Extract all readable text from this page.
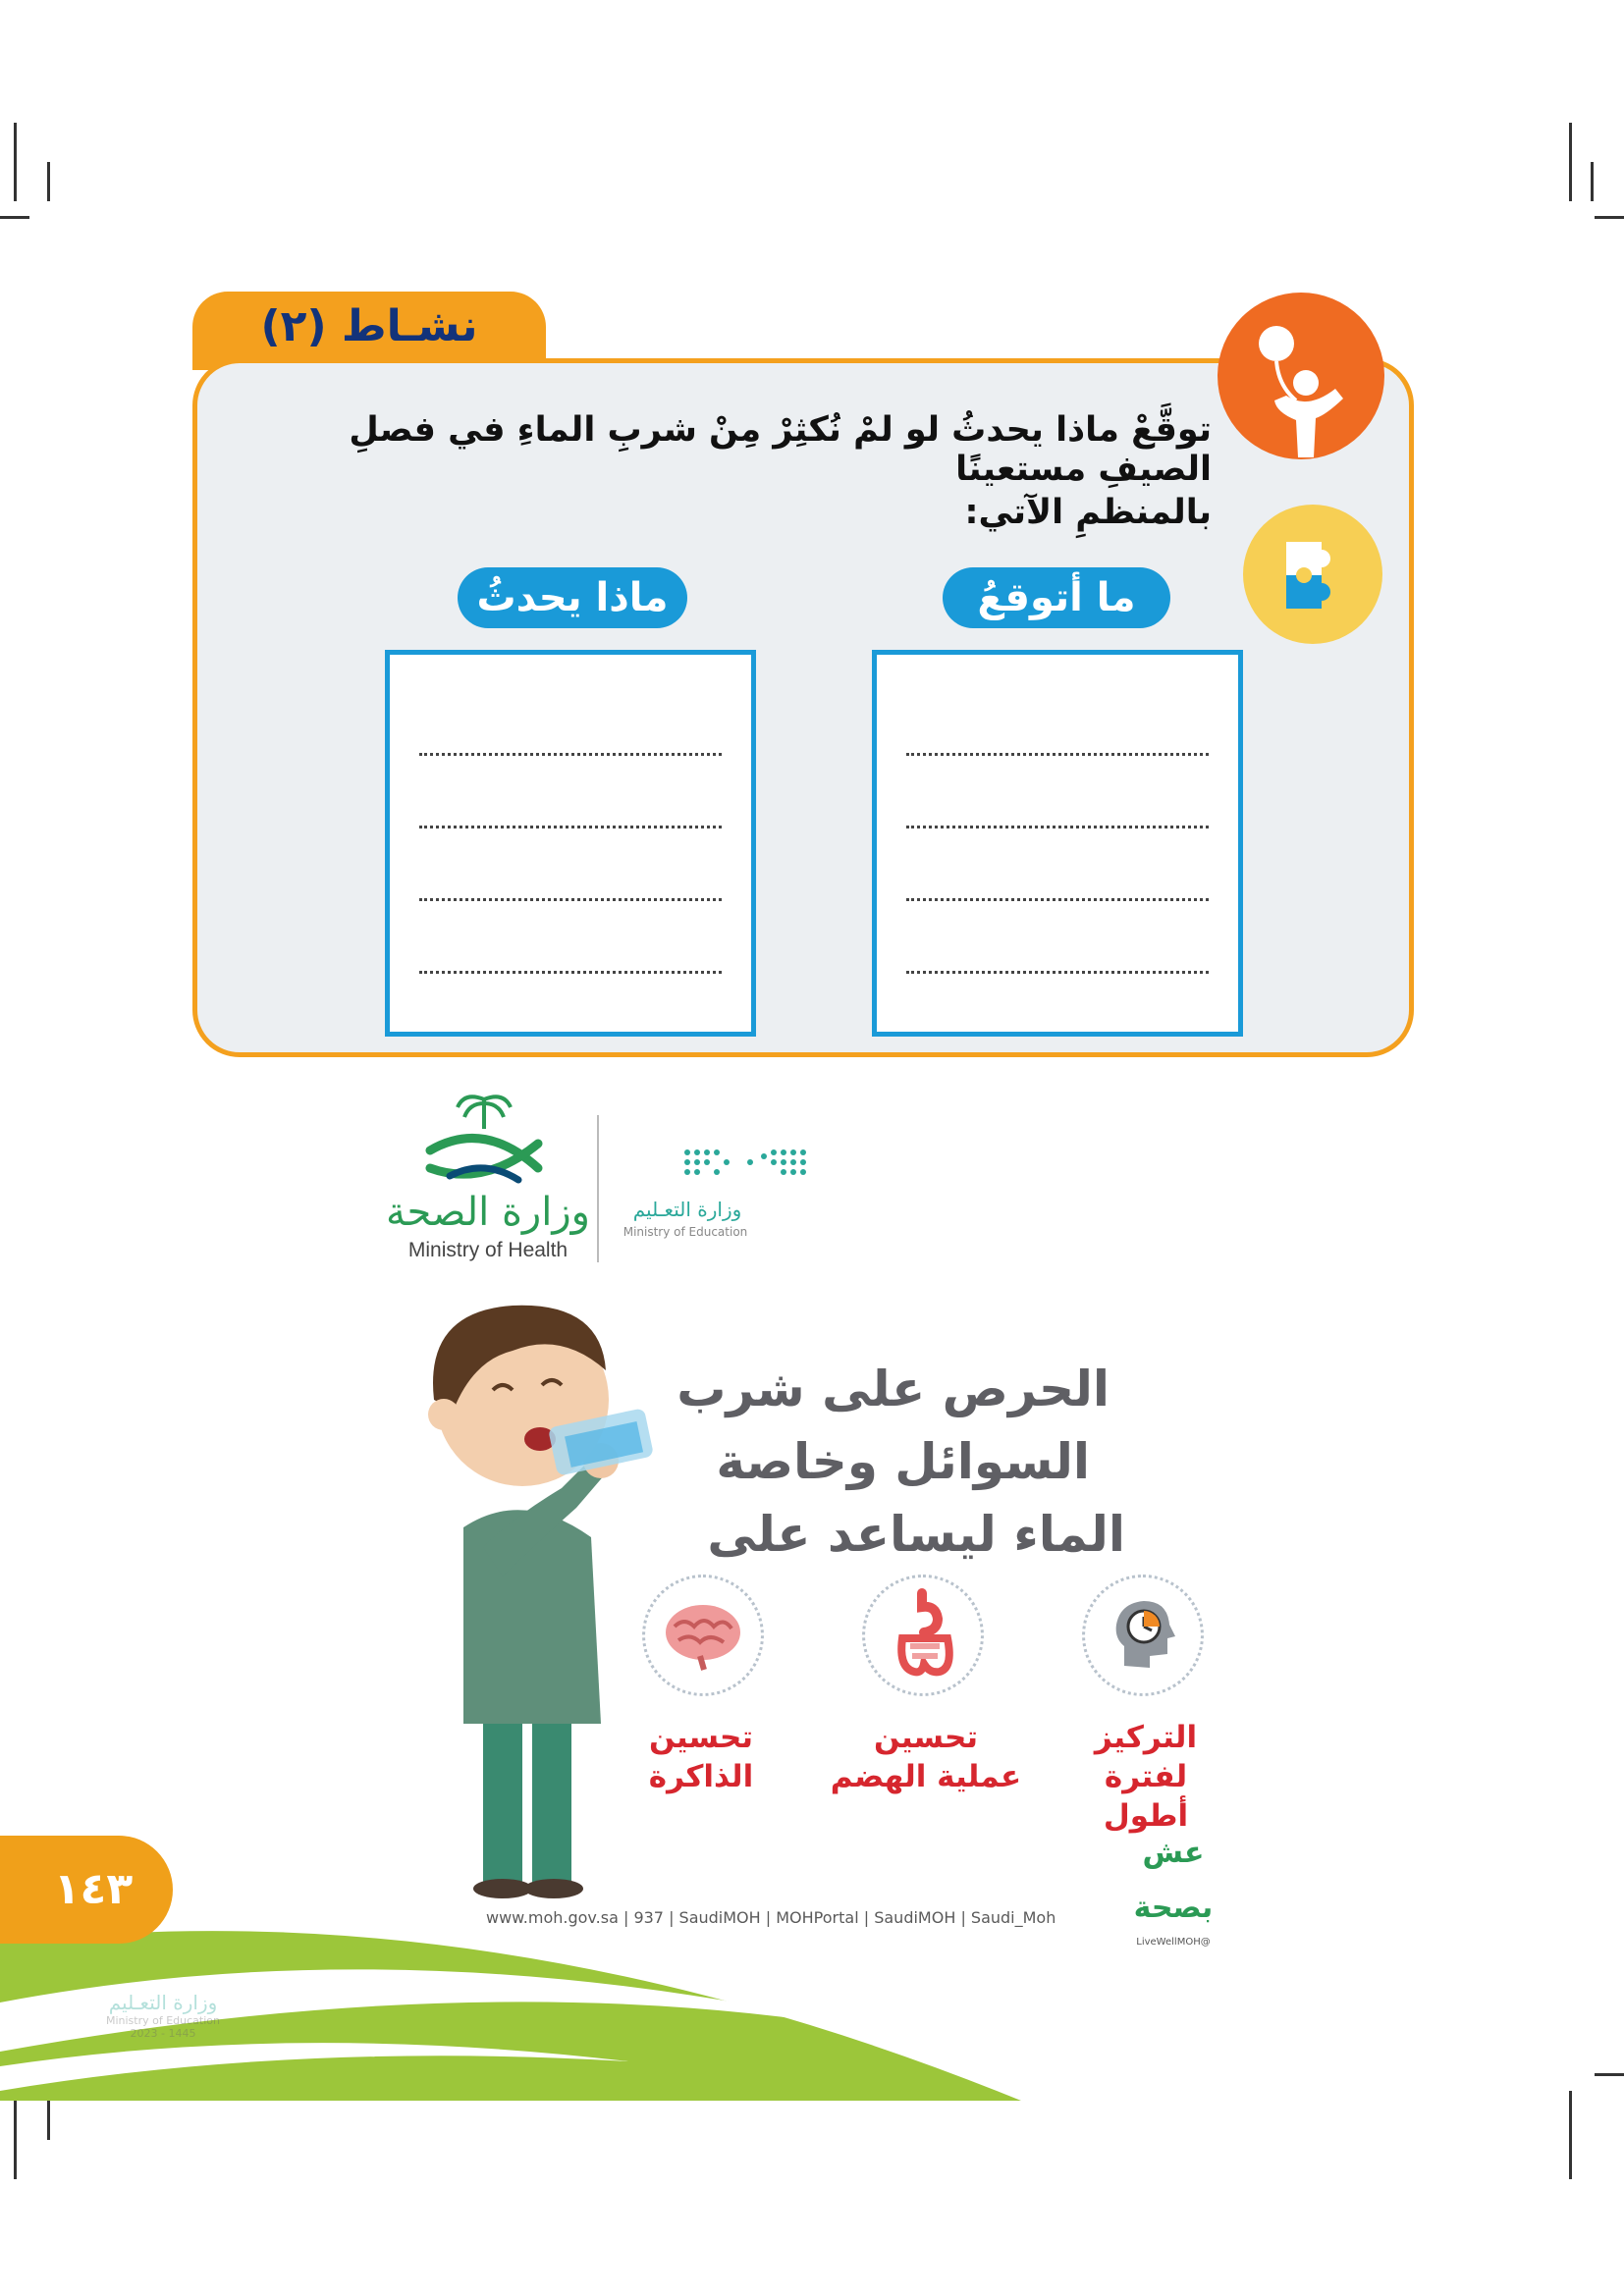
نشـاط (٢)
توقَّعْ ماذا يحدثُ لو لمْ نُكثِرْ مِنْ شربِ الماءِ في فصلِ الصيفِ مستعينًا
بالمنظمِ الآتي:
ما أتوقعُ
ماذا يحدثُ
وزارة الصحة
Ministry of Health
وزارة التعـليم
Ministry of Education
الحرص على شرب
السوائل وخاصة
الماء ليساعد على
التركيز
لفترة أطول
تحسين
عملية الهضم
تحسين
الذاكرة
عش بصحة
@LiveWellMOH
www.moh.gov.sa | 937 | SaudiMOH | MOHPortal | SaudiMOH | Saudi_Moh
١٤٣
وزارة التعـليم
Ministry of Education
2023 - 1445
